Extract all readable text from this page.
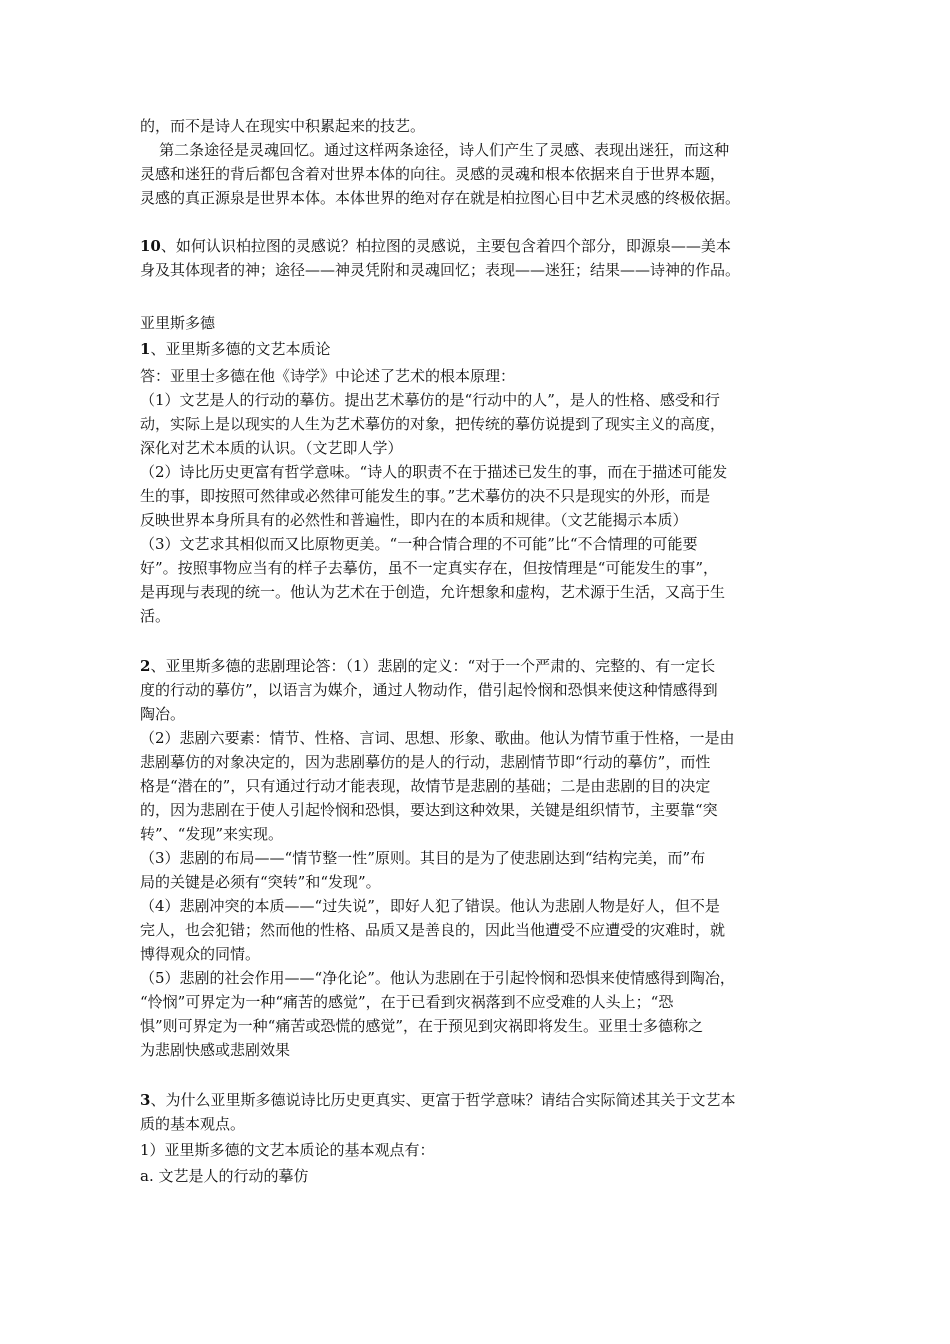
的，而不是诗人在现实中积累起来的技艺。
第二条途径是灵魂回忆。通过这样两条途径，诗人们产生了灵感、表现出迷狂，而这种
灵感和迷狂的背后都包含着对世界本体的向往。灵感的灵魂和根本依据来自于世界本题，
灵感的真正源泉是世界本体。本体世界的绝对存在就是柏拉图心目中艺术灵感的终极依据。
10、如何认识柏拉图的灵感说？柏拉图的灵感说，主要包含着四个部分，即源泉——美本
身及其体现者的神；途径——神灵凭附和灵魂回忆；表现——迷狂；结果——诗神的作品。
亚里斯多德
1、亚里斯多德的文艺本质论
答：亚里士多德在他《诗学》中论述了艺术的根本原理：
（1）文艺是人的行动的摹仿。提出艺术摹仿的是“行动中的人”，是人的性格、感受和行
动，实际上是以现实的人生为艺术摹仿的对象，把传统的摹仿说提到了现实主义的高度，
深化对艺术本质的认识。（文艺即人学）
（2）诗比历史更富有哲学意味。“诗人的职责不在于描述已发生的事，而在于描述可能发
生的事，即按照可然律或必然律可能发生的事。”艺术摹仿的决不只是现实的外形，而是
反映世界本身所具有的必然性和普遍性，即内在的本质和规律。（文艺能揭示本质）
（3）文艺求其相似而又比原物更美。“一种合情合理的不可能”比“不合情理的可能要
好”。按照事物应当有的样子去摹仿，虽不一定真实存在，但按情理是“可能发生的事”，
是再现与表现的统一。他认为艺术在于创造，允许想象和虚构，艺术源于生活，又高于生
活。
2、亚里斯多德的悲剧理论答：（1）悲剧的定义：“对于一个严肃的、完整的、有一定长
度的行动的摹仿”，以语言为媒介，通过人物动作，借引起怜悯和恐惧来使这种情感得到
陶冶。
（2）悲剧六要素：情节、性格、言词、思想、形象、歌曲。他认为情节重于性格，一是由
悲剧摹仿的对象决定的，因为悲剧摹仿的是人的行动，悲剧情节即“行动的摹仿”，而性
格是“潜在的”，只有通过行动才能表现，故情节是悲剧的基础；二是由悲剧的目的决定
的，因为悲剧在于使人引起怜悯和恐惧，要达到这种效果，关键是组织情节，主要靠“突
转”、“发现”来实现。
（3）悲剧的布局——“情节整一性”原则。其目的是为了使悲剧达到“结构完美，而”布
局的关键是必须有“突转”和“发现”。
（4）悲剧冲突的本质——“过失说”，即好人犯了错误。他认为悲剧人物是好人，但不是
完人，也会犯错；然而他的性格、品质又是善良的，因此当他遭受不应遭受的灾难时，就
博得观众的同情。
（5）悲剧的社会作用——“净化论”。他认为悲剧在于引起怜悯和恐惧来使情感得到陶冶，
“怜悯”可界定为一种“痛苦的感觉”，在于已看到灾祸落到不应受难的人头上；“恐
惧”则可界定为一种“痛苦或恐慌的感觉”，在于预见到灾祸即将发生。亚里士多德称之
为悲剧快感或悲剧效果
3、为什么亚里斯多德说诗比历史更真实、更富于哲学意味？请结合实际简述其关于文艺本
质的基本观点。
1）亚里斯多德的文艺本质论的基本观点有：
a. 文艺是人的行动的摹仿
